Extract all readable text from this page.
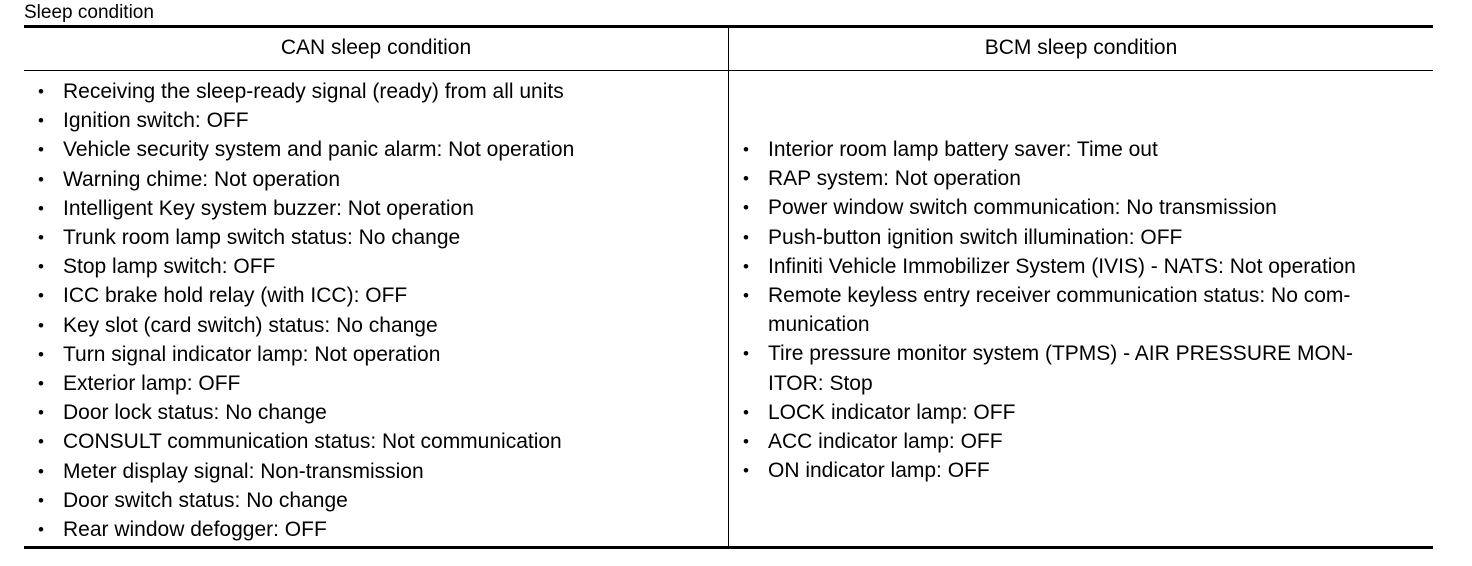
Sleep condition
CAN sleep condition	BCM sleep condition
• Receiving the sleep-ready signal (ready) from all units
• Ignition switch: OFF
• Vehicle security system and panic alarm: Not operation
• Warning chime: Not operation
• Intelligent Key system buzzer: Not operation
• Trunk room lamp switch status: No change
• Stop lamp switch: OFF
• ICC brake hold relay (with ICC): OFF
• Key slot (card switch) status: No change
• Turn signal indicator lamp: Not operation
• Exterior lamp: OFF
• Door lock status: No change
• CONSULT communication status: Not communication
• Meter display signal: Non-transmission
• Door switch status: No change
• Rear window defogger: OFF
• Interior room lamp battery saver: Time out
• RAP system: Not operation
• Power window switch communication: No transmission
• Push-button ignition switch illumination: OFF
• Infiniti Vehicle Immobilizer System (IVIS) - NATS: Not operation
• Remote keyless entry receiver communication status: No com-
munication
• Tire pressure monitor system (TPMS) - AIR PRESSURE MON-
ITOR: Stop
• LOCK indicator lamp: OFF
• ACC indicator lamp: OFF
• ON indicator lamp: OFF
